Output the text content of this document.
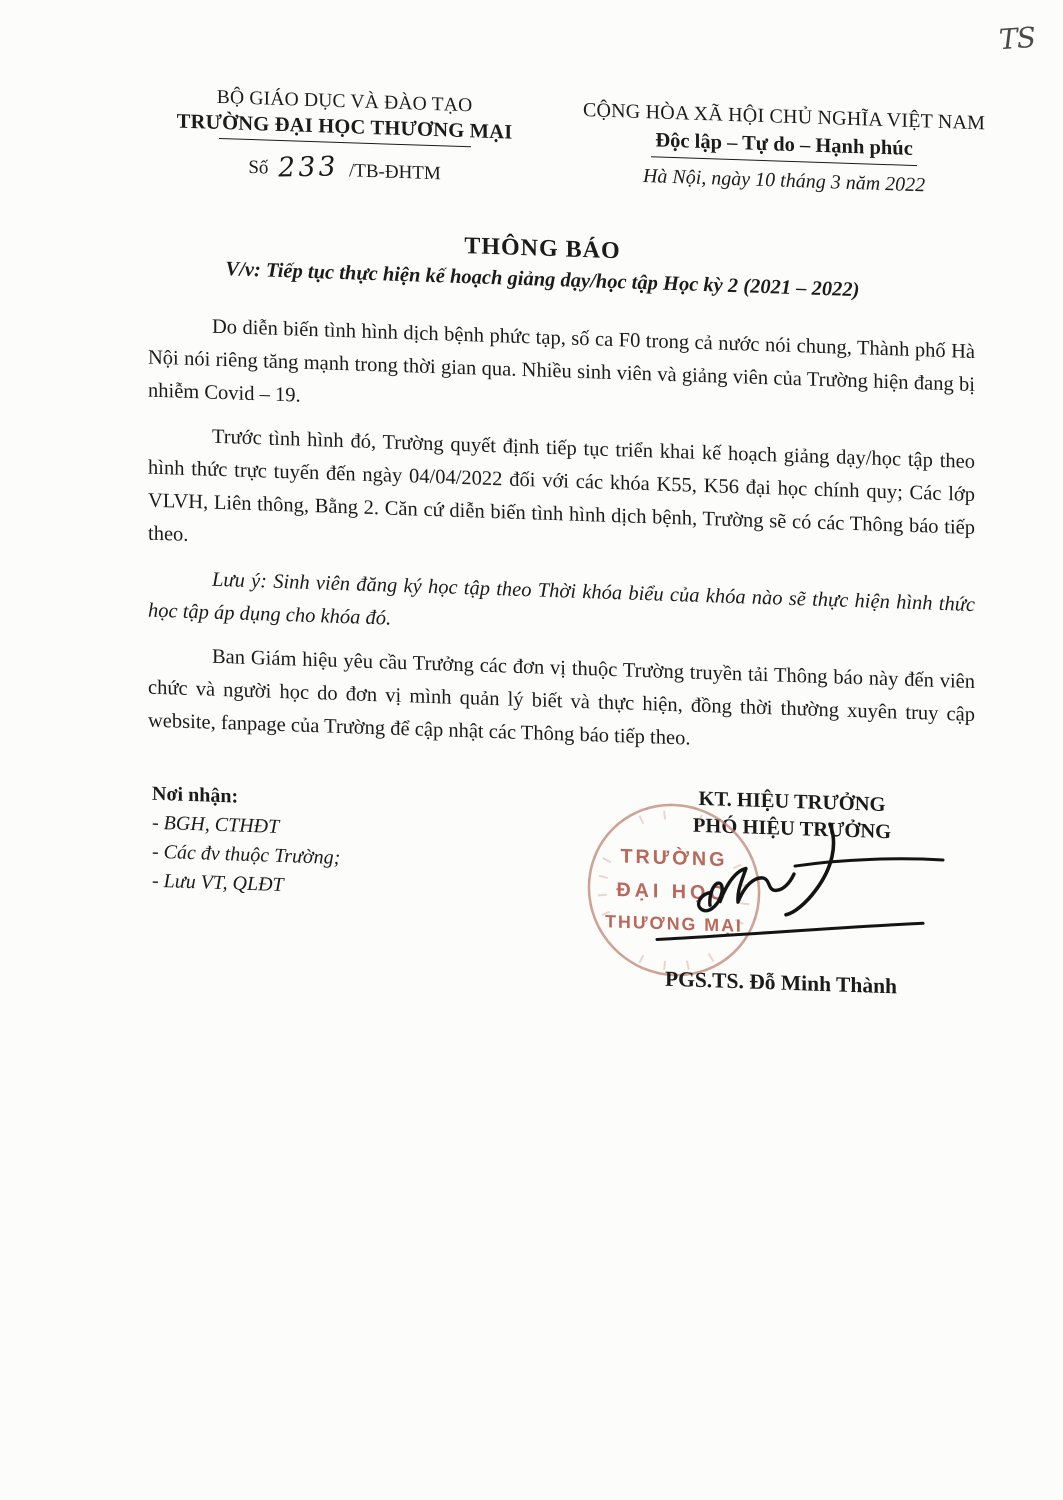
TS
BỘ GIÁO DỤC VÀ ĐÀO TẠO
TRƯỜNG ĐẠI HỌC THƯƠNG MẠI
Số 233 /TB-ĐHTM
CỘNG HÒA XÃ HỘI CHỦ NGHĨA VIỆT NAM
Độc lập – Tự do – Hạnh phúc
Hà Nội, ngày 10 tháng 3 năm 2022
THÔNG BÁO
V/v: Tiếp tục thực hiện kế hoạch giảng dạy/học tập Học kỳ 2 (2021 – 2022)

Do diễn biến tình hình dịch bệnh phức tạp, số ca F0 trong cả nước nói chung, Thành phố Hà Nội nói riêng tăng mạnh trong thời gian qua. Nhiều sinh viên và giảng viên của Trường hiện đang bị nhiễm Covid – 19.

Trước tình hình đó, Trường quyết định tiếp tục triển khai kế hoạch giảng dạy/học tập theo hình thức trực tuyến đến ngày 04/04/2022 đối với các khóa K55, K56 đại học chính quy; Các lớp VLVH, Liên thông, Bằng 2. Căn cứ diễn biến tình hình dịch bệnh, Trường sẽ có các Thông báo tiếp theo.

Lưu ý: Sinh viên đăng ký học tập theo Thời khóa biểu của khóa nào sẽ thực hiện hình thức học tập áp dụng cho khóa đó.

Ban Giám hiệu yêu cầu Trưởng các đơn vị thuộc Trường truyền tải Thông báo này đến viên chức và người học do đơn vị mình quản lý biết và thực hiện, đồng thời thường xuyên truy cập website, fanpage của Trường để cập nhật các Thông báo tiếp theo.

Nơi nhận:
- BGH, CTHĐT
- Các đv thuộc Trường;
- Lưu VT, QLĐT
KT. HIỆU TRƯỞNG
PHÓ HIỆU TRƯỞNG
TRƯỜNG
ĐẠI HỌC
THƯƠNG MẠI
PGS.TS. Đỗ Minh Thành
